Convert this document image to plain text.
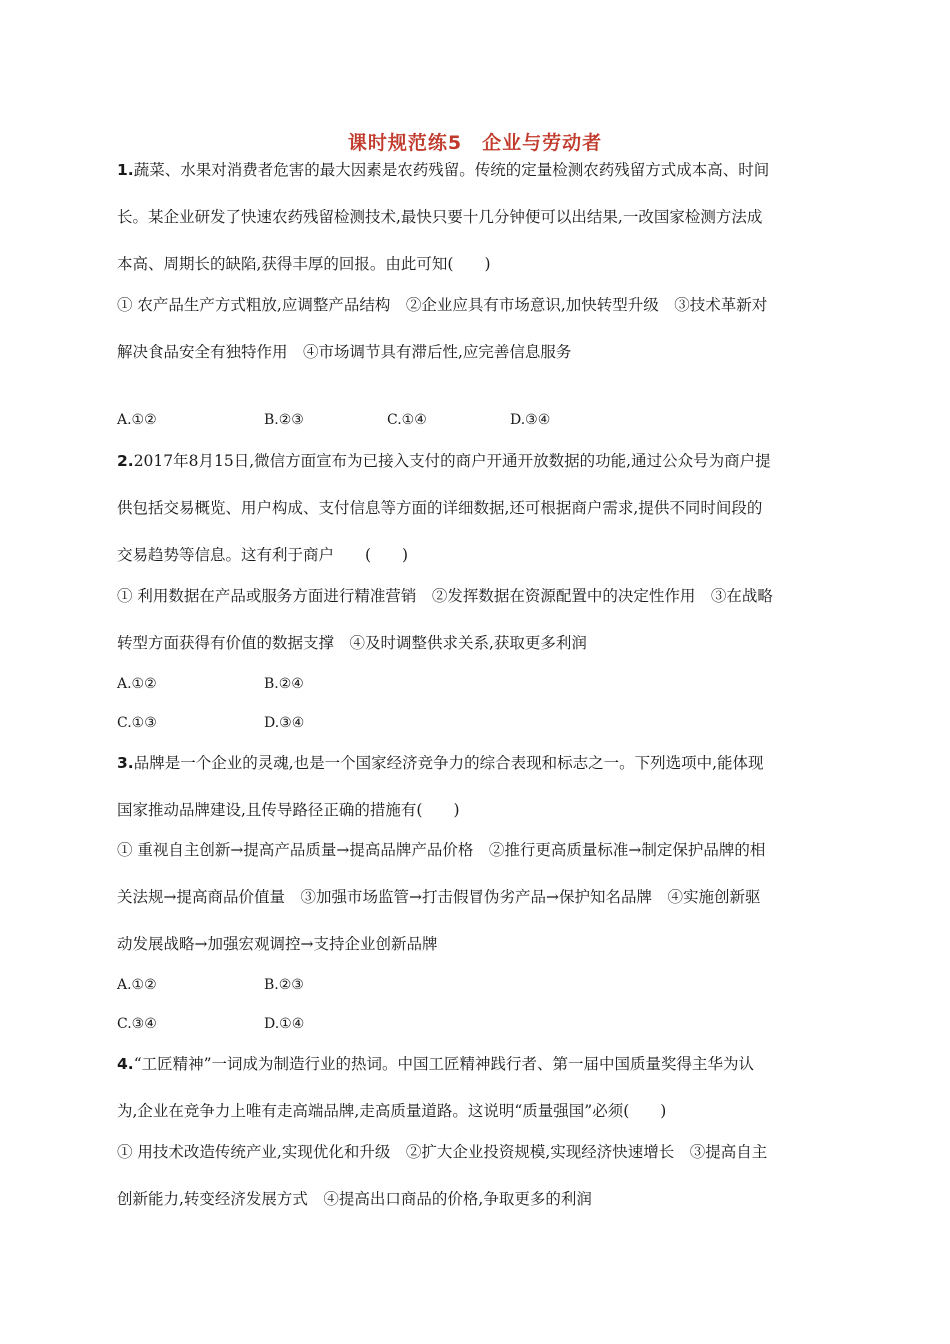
课时规范练5　企业与劳动者
1.蔬菜、水果对消费者危害的最大因素是农药残留。传统的定量检测农药残留方式成本高、时间
长。某企业研发了快速农药残留检测技术,最快只要十几分钟便可以出结果,一改国家检测方法成
本高、周期长的缺陷,获得丰厚的回报。由此可知(　　)
① 农产品生产方式粗放,应调整产品结构　②企业应具有市场意识,加快转型升级　③技术革新对
解决食品安全有独特作用　④市场调节具有滞后性,应完善信息服务
A.①②	B.②③	C.①④	D.③④
2.2017年8月15日,微信方面宣布为已接入支付的商户开通开放数据的功能,通过公众号为商户提
供包括交易概览、用户构成、支付信息等方面的详细数据,还可根据商户需求,提供不同时间段的
交易趋势等信息。这有利于商户　　(　　)
① 利用数据在产品或服务方面进行精准营销　②发挥数据在资源配置中的决定性作用　③在战略
转型方面获得有价值的数据支撑　④及时调整供求关系,获取更多利润
A.①②	B.②④
C.①③	D.③④
3.品牌是一个企业的灵魂,也是一个国家经济竞争力的综合表现和标志之一。下列选项中,能体现
国家推动品牌建设,且传导路径正确的措施有(　　)
① 重视自主创新→提高产品质量→提高品牌产品价格　②推行更高质量标准→制定保护品牌的相
关法规→提高商品价值量　③加强市场监管→打击假冒伪劣产品→保护知名品牌　④实施创新驱
动发展战略→加强宏观调控→支持企业创新品牌
A.①②	B.②③
C.③④	D.①④
4.“工匠精神”一词成为制造行业的热词。中国工匠精神践行者、第一届中国质量奖得主华为认
为,企业在竞争力上唯有走高端品牌,走高质量道路。这说明“质量强国”必须(　　)
① 用技术改造传统产业,实现优化和升级　②扩大企业投资规模,实现经济快速增长　③提高自主
创新能力,转变经济发展方式　④提高出口商品的价格,争取更多的利润
